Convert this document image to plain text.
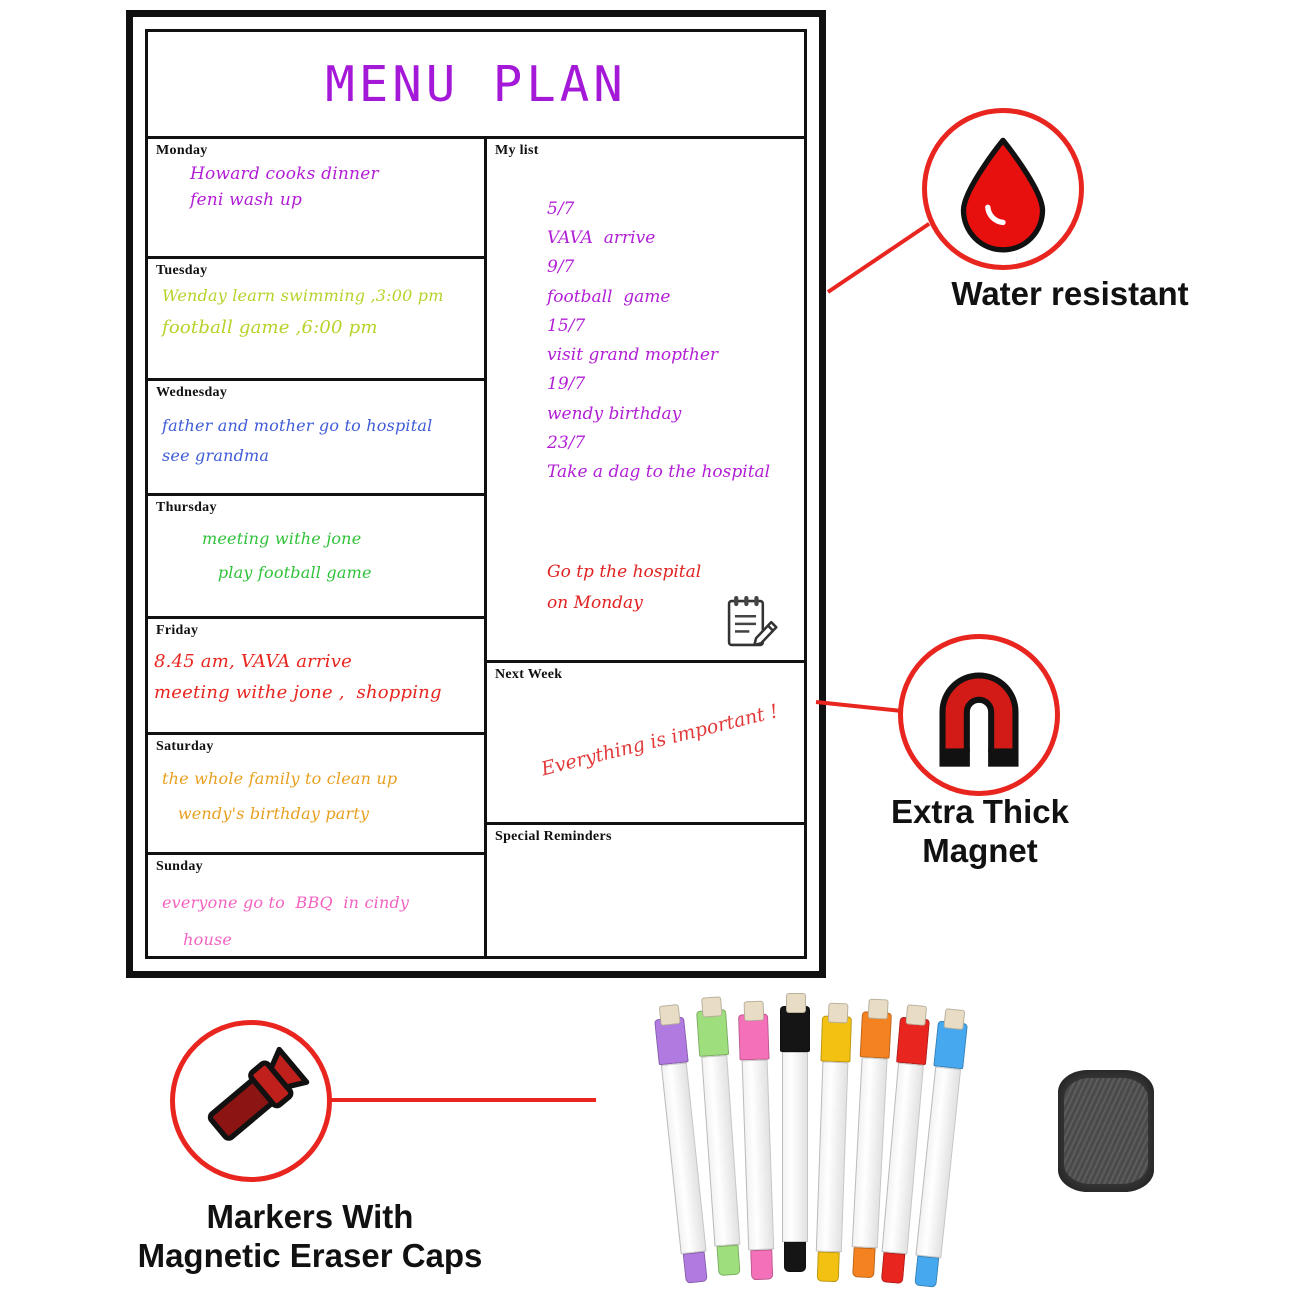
MENU PLAN
Monday
Howard cooks dinner
feni wash up
Tuesday
Wenday learn swimming ,3:00 pm
football game ,6:00 pm
Wednesday
father and mother go to hospital
see grandma
Thursday
meeting withe jone
play football game
Friday
8.45 am, VAVA arrive
meeting withe jone ,  shopping
Saturday
the whole family to clean up
wendy's birthday party
Sunday
everyone go to  BBQ  in cindy
house
My list
5/7
VAVA  arrive
9/7
football  game
15/7
visit grand mopther
19/7
wendy birthday
23/7
Take a dag to the hospital
Go tp the hospital
on Monday
Next Week
Everything is important !
Special Reminders
Water resistant
Extra Thick
Magnet
Markers With
Magnetic Eraser Caps
